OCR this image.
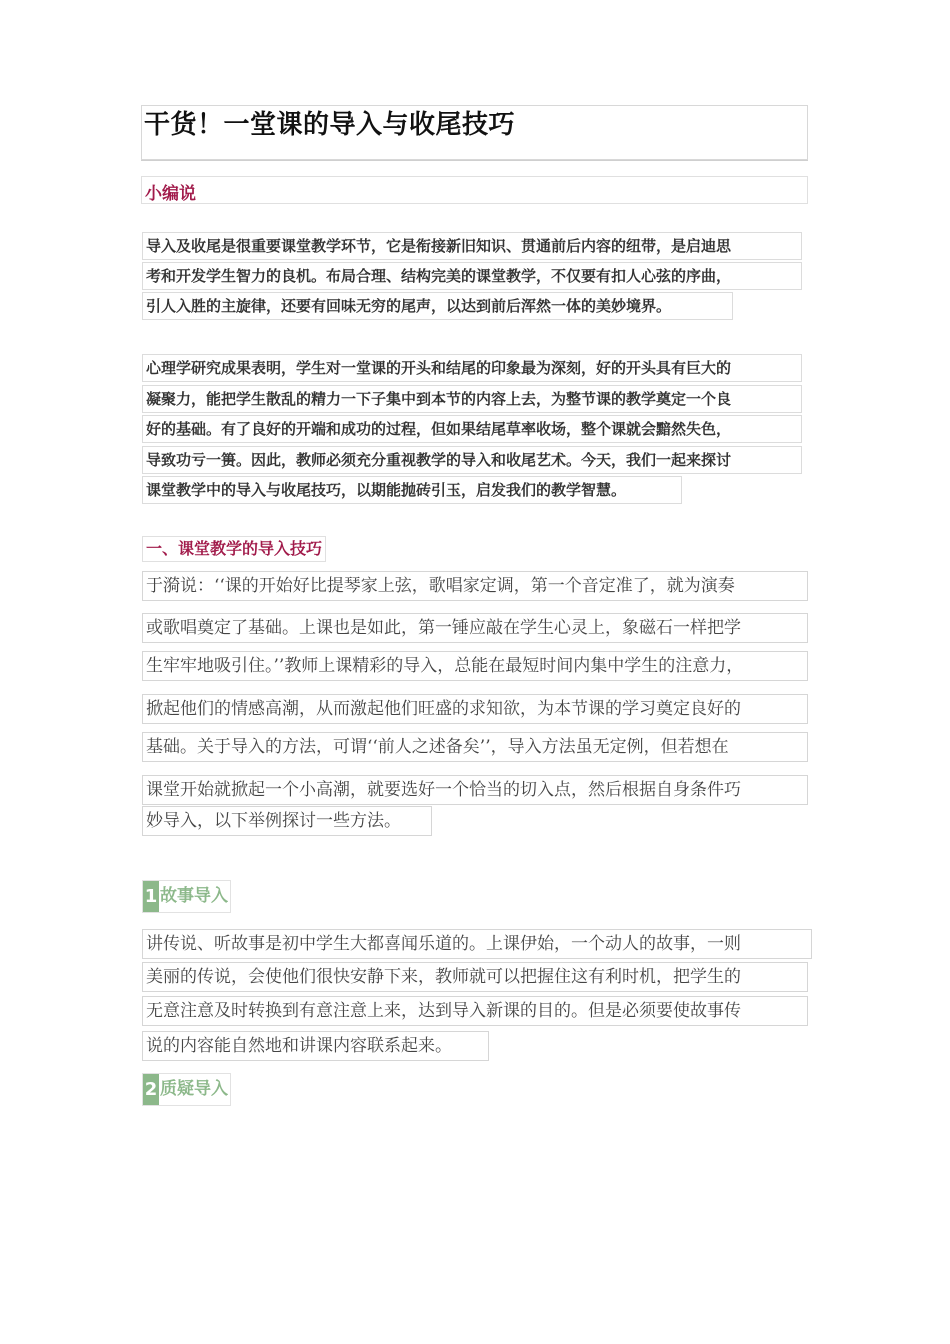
干货！一堂课的导入与收尾技巧
小编说
导入及收尾是很重要课堂教学环节，它是衔接新旧知识、贯通前后内容的纽带，是启迪思
考和开发学生智力的良机。布局合理、结构完美的课堂教学，不仅要有扣人心弦的序曲，
引人入胜的主旋律，还要有回味无穷的尾声，以达到前后浑然一体的美妙境界。
心理学研究成果表明，学生对一堂课的开头和结尾的印象最为深刻，好的开头具有巨大的
凝聚力，能把学生散乱的精力一下子集中到本节的内容上去，为整节课的教学奠定一个良
好的基础。有了良好的开端和成功的过程，但如果结尾草率收场，整个课就会黯然失色，
导致功亏一篑。因此，教师必须充分重视教学的导入和收尾艺术。今天，我们一起来探讨
课堂教学中的导入与收尾技巧，以期能抛砖引玉，启发我们的教学智慧。
一、课堂教学的导入技巧
于漪说：‘‘课的开始好比提琴家上弦，歌唱家定调，第一个音定准了，就为演奏
或歌唱奠定了基础。上课也是如此，第一锤应敲在学生心灵上，象磁石一样把学
生牢牢地吸引住。’’教师上课精彩的导入，总能在最短时间内集中学生的注意力，
掀起他们的情感高潮，从而激起他们旺盛的求知欲，为本节课的学习奠定良好的
基础。关于导入的方法，可谓‘‘前人之述备矣’’，导入方法虽无定例，但若想在
课堂开始就掀起一个小高潮，就要选好一个恰当的切入点，然后根据自身条件巧
妙导入，以下举例探讨一些方法。
1 故事导入
讲传说、听故事是初中学生大都喜闻乐道的。上课伊始，一个动人的故事，一则
美丽的传说，会使他们很快安静下来，教师就可以把握住这有利时机，把学生的
无意注意及时转换到有意注意上来，达到导入新课的目的。但是必须要使故事传
说的内容能自然地和讲课内容联系起来。
2 质疑导入
